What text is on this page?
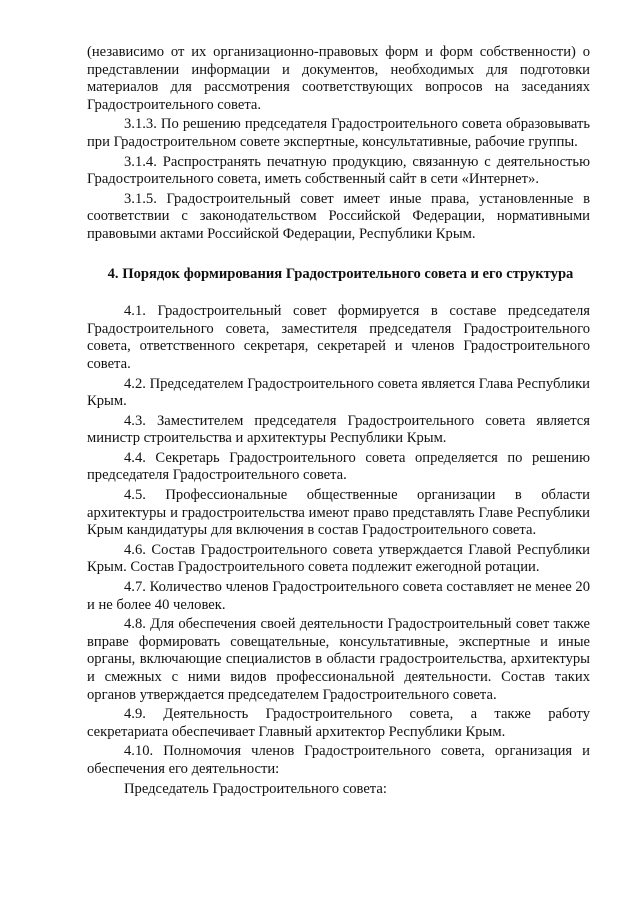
(независимо от их организационно-правовых форм и форм собственности) о представлении информации и документов, необходимых для подготовки материалов для рассмотрения соответствующих вопросов на заседаниях Градостроительного совета.

3.1.3. По решению председателя Градостроительного совета образовывать при Градостроительном совете экспертные, консультативные, рабочие группы.

3.1.4. Распространять печатную продукцию, связанную с деятельностью Градостроительного совета, иметь собственный сайт в сети «Интернет».

3.1.5. Градостроительный совет имеет иные права, установленные в соответствии с законодательством Российской Федерации, нормативными правовыми актами Российской Федерации, Республики Крым.

4. Порядок формирования Градостроительного совета и его структура

4.1. Градостроительный совет формируется в составе председателя Градостроительного совета, заместителя председателя Градостроительного совета, ответственного секретаря, секретарей и членов Градостроительного совета.

4.2. Председателем Градостроительного совета является Глава Республики Крым.

4.3. Заместителем председателя Градостроительного совета является министр строительства и архитектуры Республики Крым.

4.4. Секретарь Градостроительного совета определяется по решению председателя Градостроительного совета.

4.5. Профессиональные общественные организации в области архитектуры и градостроительства имеют право представлять Главе Республики Крым кандидатуры для включения в состав Градостроительного совета.

4.6. Состав Градостроительного совета утверждается Главой Республики Крым. Состав Градостроительного совета подлежит ежегодной ротации.

4.7. Количество членов Градостроительного совета составляет не менее 20 и не более 40 человек.

4.8. Для обеспечения своей деятельности Градостроительный совет также вправе формировать совещательные, консультативные, экспертные и иные органы, включающие специалистов в области градостроительства, архитектуры и смежных с ними видов профессиональной деятельности. Состав таких органов утверждается председателем Градостроительного совета.

4.9. Деятельность Градостроительного совета, а также работу секретариата обеспечивает Главный архитектор Республики Крым.

4.10. Полномочия членов Градостроительного совета, организация и обеспечения его деятельности:

Председатель Градостроительного совета:
